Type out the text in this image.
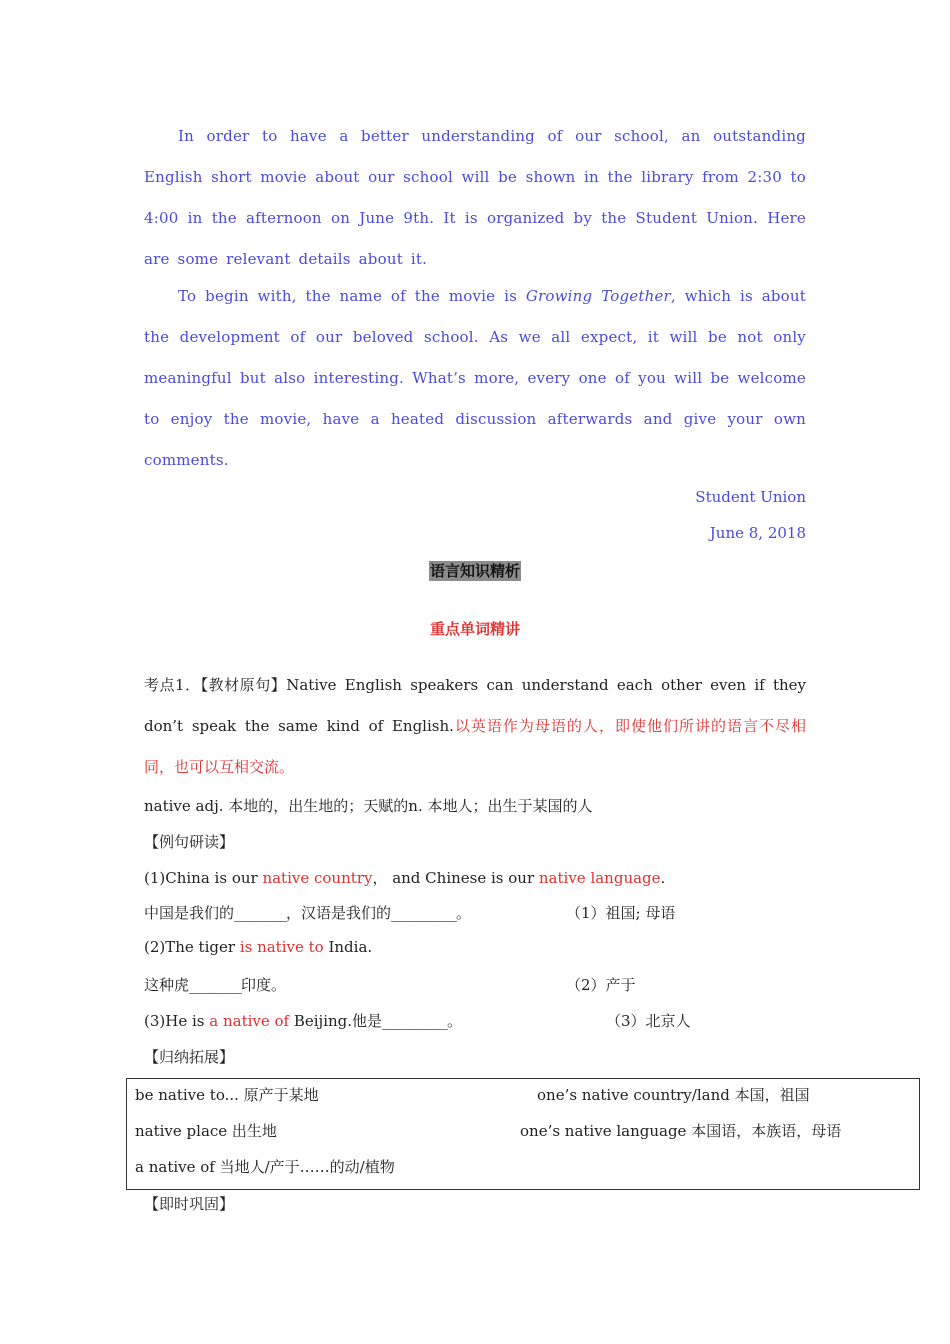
In order to have a better understanding of our school, an outstanding English short movie about our school will be shown in the library from 2:30 to 4:00 in the afternoon on June 9th. It is organized by the Student Union. Here are some relevant details about it.
To begin with, the name of the movie is Growing Together, which is about the development of our beloved school. As we all expect, it will be not only meaningful but also interesting. What’s more, every one of you will be welcome to enjoy the movie, have a heated discussion afterwards and give your own comments.
Student Union
June 8, 2018
语言知识精析
重点单词精讲
考点1．【教材原句】Native English speakers can understand each other even if they don’t speak the same kind of English.以英语作为母语的人，即使他们所讲的语言不尽相同，也可以互相交流。
native adj. 本地的，出生地的；天赋的n. 本地人；出生于某国的人
【例句研读】
(1)China is our native country， and Chinese is our native language.
中国是我们的________，汉语是我们的__________。	（1）祖国; 母语
(2)The tiger is native to India.
这种虎________印度。	（2）产于
(3)He is a native of Beijing.他是__________。	（3）北京人
【归纳拓展】
be native to... 原产于某地	one’s native country/land 本国，祖国
native place 出生地	one’s native language 本国语，本族语，母语
a native of 当地人/产于……的动/植物
【即时巩固】
